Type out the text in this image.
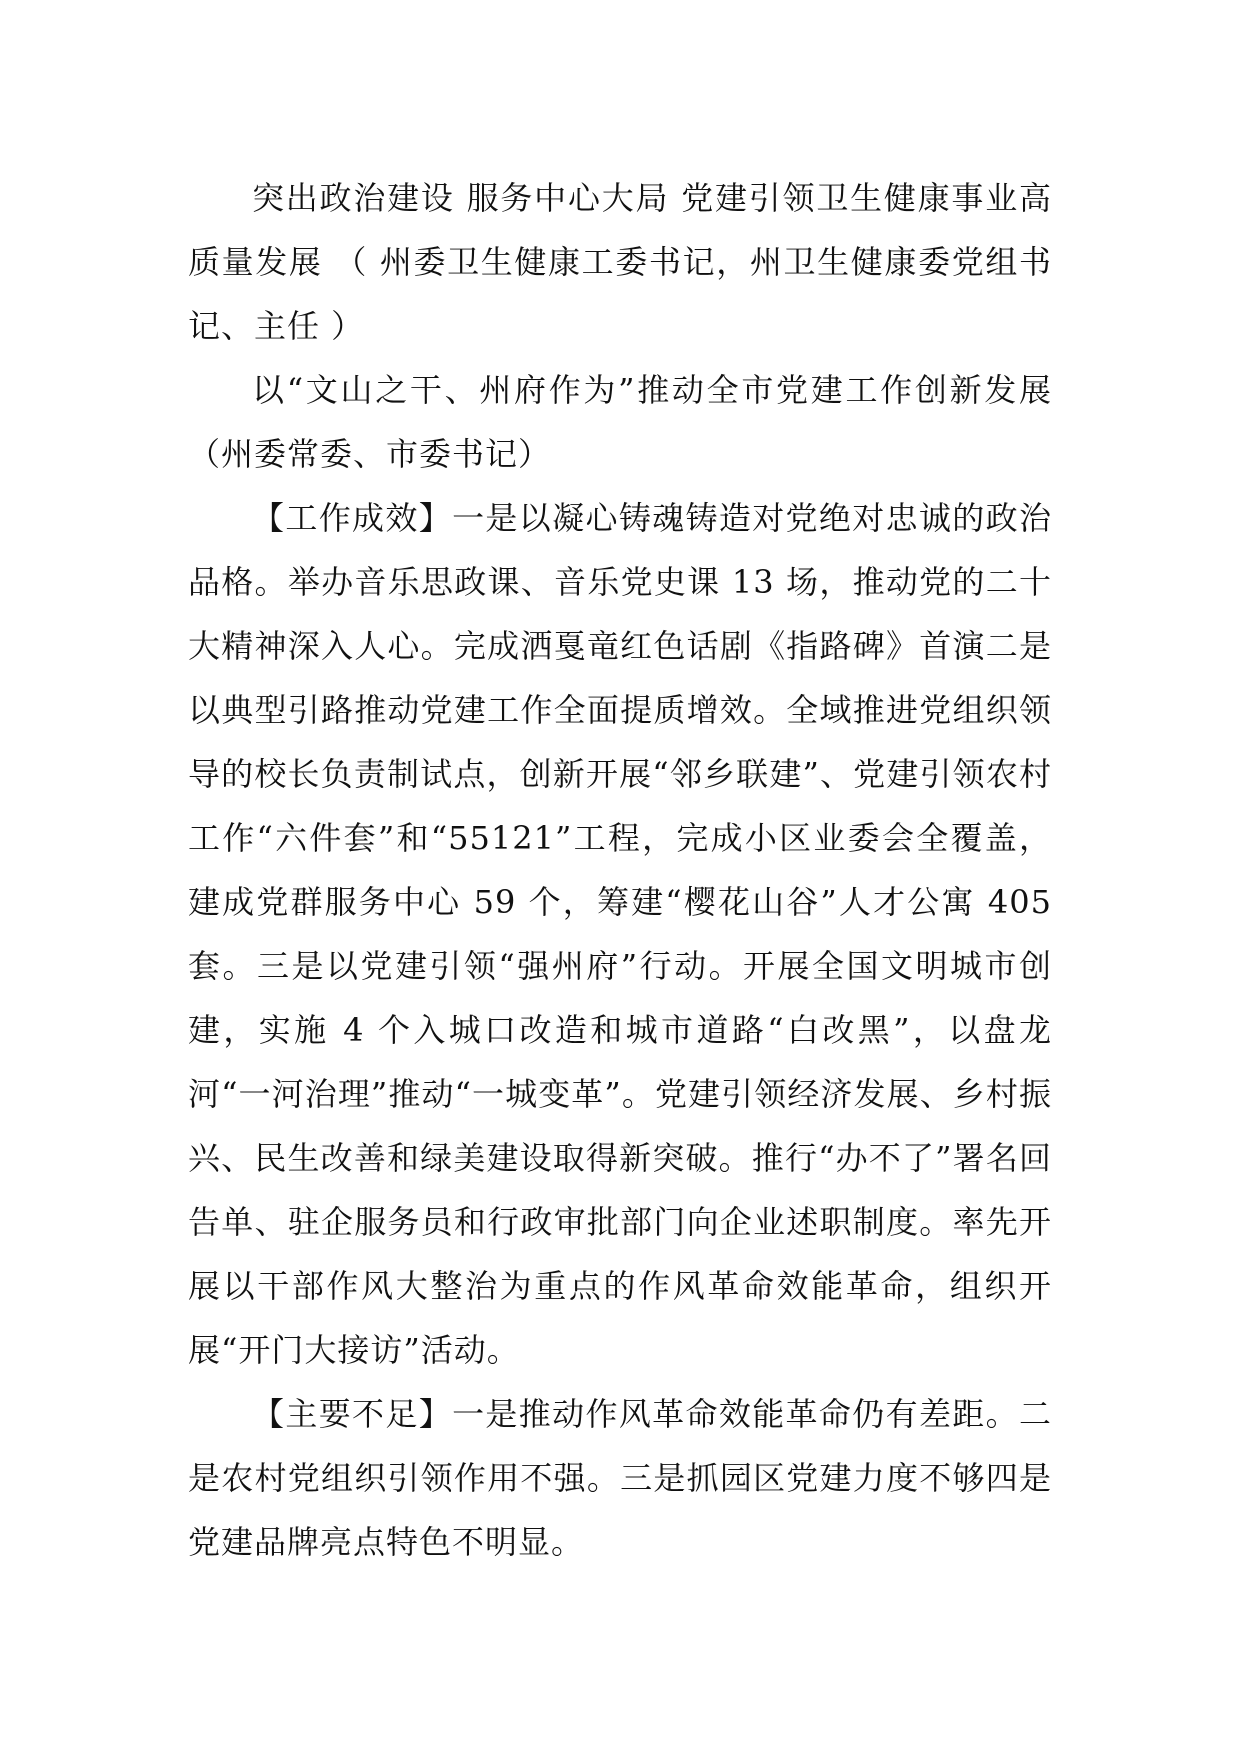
突出政治建设 服务中心大局 党建引领卫生健康事业高质量发展 （ 州委卫生健康工委书记，州卫生健康委党组书记、主任 ）

以“文山之干、州府作为”推动全市党建工作创新发展（州委常委、市委书记）

【工作成效】一是以凝心铸魂铸造对党绝对忠诚的政治品格。举办音乐思政课、音乐党史课 13 场，推动党的二十大精神深入人心。完成洒戛竜红色话剧《指路碑》首演二是以典型引路推动党建工作全面提质增效。全域推进党组织领导的校长负责制试点，创新开展“邻乡联建”、党建引领农村工作“六件套”和“55121”工程，完成小区业委会全覆盖，建成党群服务中心 59 个，筹建“樱花山谷”人才公寓 405 套。三是以党建引领“强州府”行动。开展全国文明城市创建，实施 4 个入城口改造和城市道路“白改黑”，以盘龙河“一河治理”推动“一城变革”。党建引领经济发展、乡村振兴、民生改善和绿美建设取得新突破。推行“办不了”署名回告单、驻企服务员和行政审批部门向企业述职制度。率先开展以干部作风大整治为重点的作风革命效能革命，组织开展“开门大接访”活动。

【主要不足】一是推动作风革命效能革命仍有差距。二是农村党组织引领作用不强。三是抓园区党建力度不够四是党建品牌亮点特色不明显。
